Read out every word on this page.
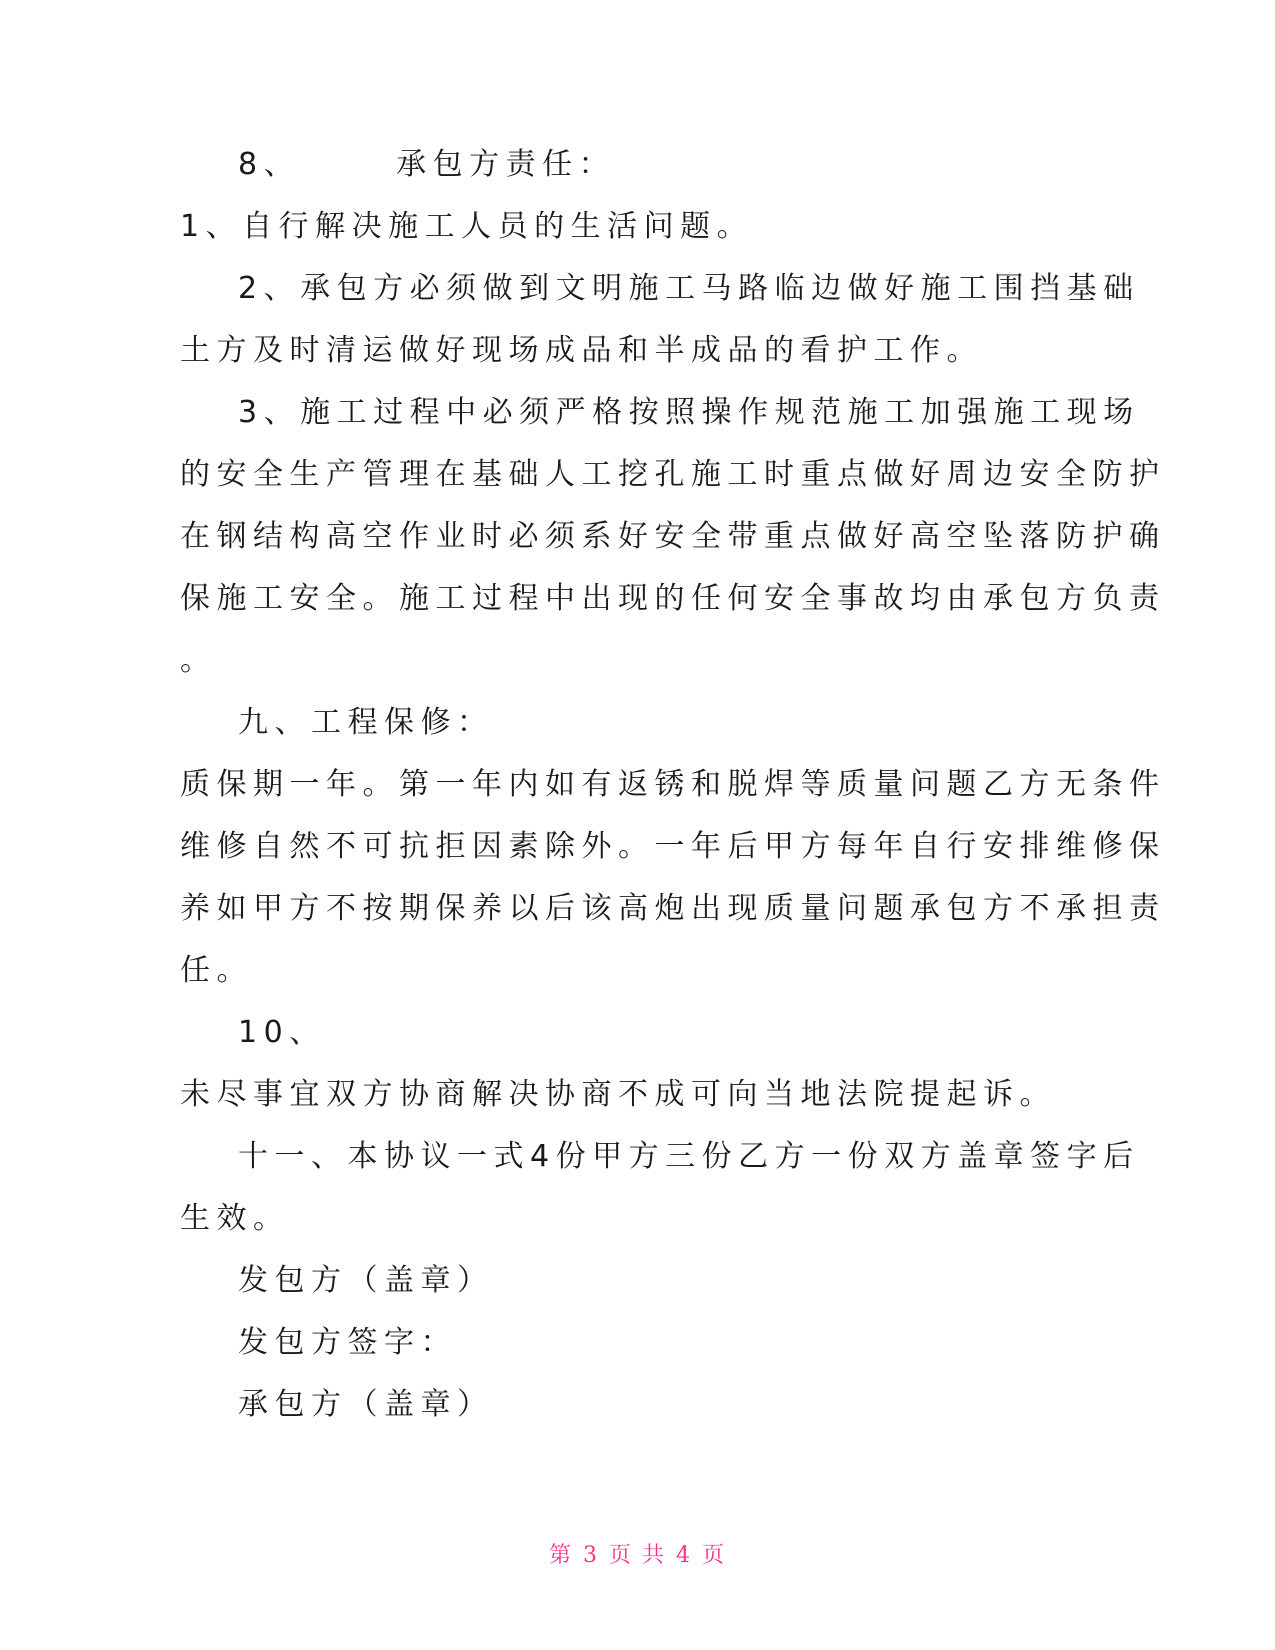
8、	承包方责任：
1、自行解决施工人员的生活问题。
2、承包方必须做到文明施工马路临边做好施工围挡基础
土方及时清运做好现场成品和半成品的看护工作。
3、施工过程中必须严格按照操作规范施工加强施工现场
的安全生产管理在基础人工挖孔施工时重点做好周边安全防护
在钢结构高空作业时必须系好安全带重点做好高空坠落防护确
保施工安全。施工过程中出现的任何安全事故均由承包方负责
。
九、工程保修：
质保期一年。第一年内如有返锈和脱焊等质量问题乙方无条件
维修自然不可抗拒因素除外。一年后甲方每年自行安排维修保
养如甲方不按期保养以后该高炮出现质量问题承包方不承担责
任。
10、
未尽事宜双方协商解决协商不成可向当地法院提起诉。
十一、本协议一式4份甲方三份乙方一份双方盖章签字后
生效。
发包方（盖章）
发包方签字：
承包方（盖章）
第 3 页 共 4 页
